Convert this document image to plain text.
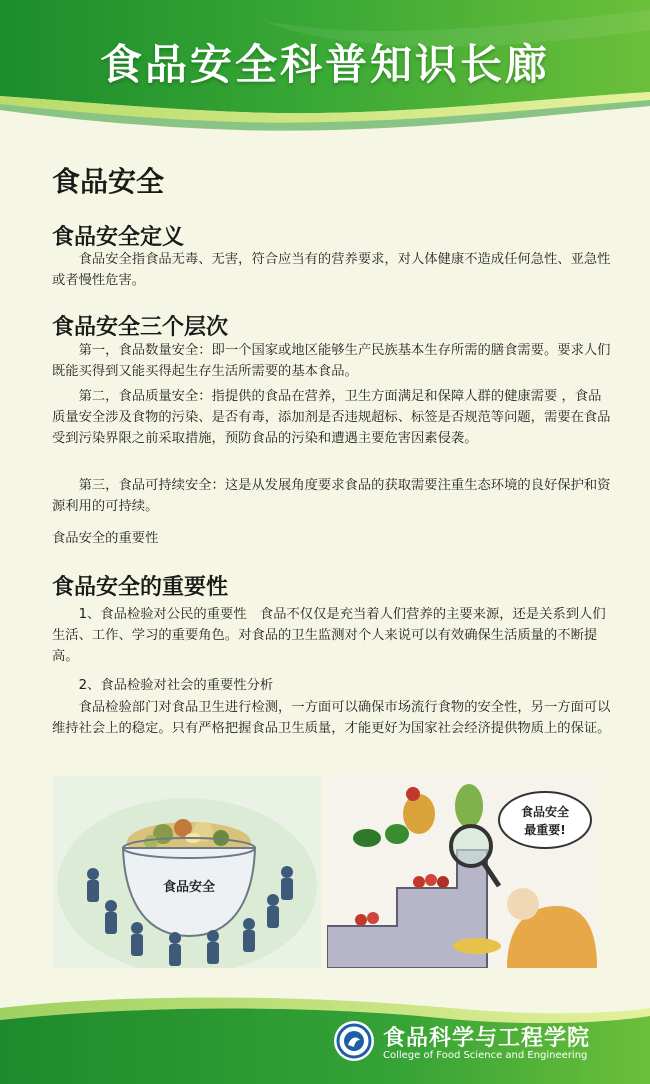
食品安全科普知识长廊
食品安全
食品安全定义
食品安全指食品无毒、无害，符合应当有的营养要求，对人体健康不造成任何急性、亚急性或者慢性危害。
食品安全三个层次
第一，食品数量安全：即一个国家或地区能够生产民族基本生存所需的膳食需要。要求人们既能买得到又能买得起生存生活所需要的基本食品。
第二，食品质量安全：指提供的食品在营养，卫生方面满足和保障人群的健康需要 ，食品质量安全涉及食物的污染、是否有毒，添加剂是否违规超标、标签是否规范等问题，需要在食品受到污染界限之前采取措施，预防食品的污染和遭遇主要危害因素侵袭。
第三，食品可持续安全：这是从发展角度要求食品的获取需要注重生态环境的良好保护和资源利用的可持续。
食品安全的重要性
食品安全的重要性
1、食品检验对公民的重要性　食品不仅仅是充当着人们营养的主要来源，还是关系到人们生活、工作、学习的重要角色。对食品的卫生监测对个人来说可以有效确保生活质量的不断提高。
2、食品检验对社会的重要性分析
食品检验部门对食品卫生进行检测，一方面可以确保市场流行食物的安全性，另一方面可以维持社会上的稳定。只有严格把握食品卫生质量，才能更好为国家社会经济提供物质上的保证。
食品安全
食品安全
最重要!
食品科学与工程学院
College of Food Science and Engineering
